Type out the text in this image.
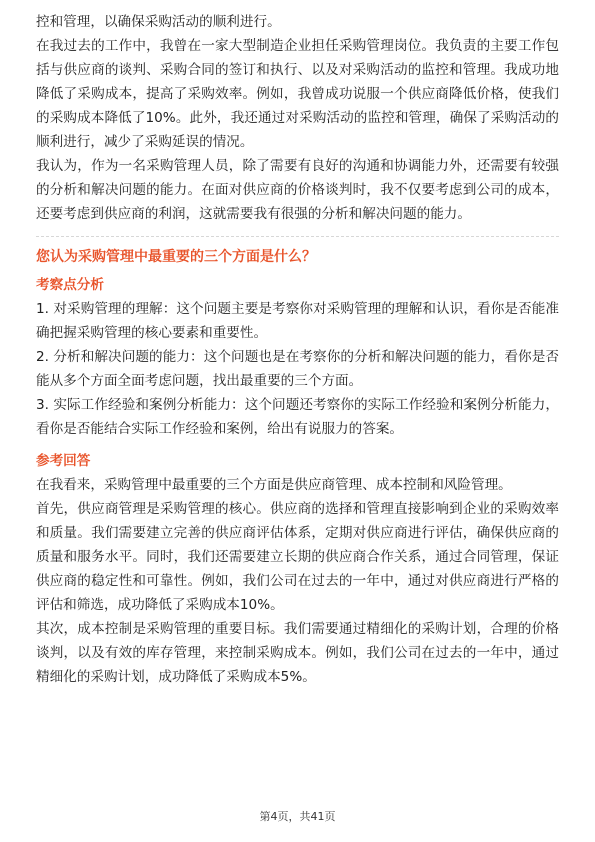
控和管理，以确保采购活动的顺利进行。

在我过去的工作中，我曾在一家大型制造企业担任采购管理岗位。我负责的主要工作包括与供应商的谈判、采购合同的签订和执行、以及对采购活动的监控和管理。我成功地降低了采购成本，提高了采购效率。例如，我曾成功说服一个供应商降低价格，使我们的采购成本降低了10%。此外，我还通过对采购活动的监控和管理，确保了采购活动的顺利进行，减少了采购延误的情况。

我认为，作为一名采购管理人员，除了需要有良好的沟通和协调能力外，还需要有较强的分析和解决问题的能力。在面对供应商的价格谈判时，我不仅要考虑到公司的成本，还要考虑到供应商的利润，这就需要我有很强的分析和解决问题的能力。

您认为采购管理中最重要的三个方面是什么？

考察点分析

1. 对采购管理的理解：这个问题主要是考察你对采购管理的理解和认识，看你是否能准确把握采购管理的核心要素和重要性。

2. 分析和解决问题的能力：这个问题也是在考察你的分析和解决问题的能力，看你是否能从多个方面全面考虑问题，找出最重要的三个方面。

3. 实际工作经验和案例分析能力：这个问题还考察你的实际工作经验和案例分析能力，看你是否能结合实际工作经验和案例，给出有说服力的答案。

参考回答

在我看来，采购管理中最重要的三个方面是供应商管理、成本控制和风险管理。

首先，供应商管理是采购管理的核心。供应商的选择和管理直接影响到企业的采购效率和质量。我们需要建立完善的供应商评估体系，定期对供应商进行评估，确保供应商的质量和服务水平。同时，我们还需要建立长期的供应商合作关系，通过合同管理，保证供应商的稳定性和可靠性。例如，我们公司在过去的一年中，通过对供应商进行严格的评估和筛选，成功降低了采购成本10%。

其次，成本控制是采购管理的重要目标。我们需要通过精细化的采购计划，合理的价格谈判，以及有效的库存管理，来控制采购成本。例如，我们公司在过去的一年中，通过精细化的采购计划，成功降低了采购成本5%。

第4页，共41页
